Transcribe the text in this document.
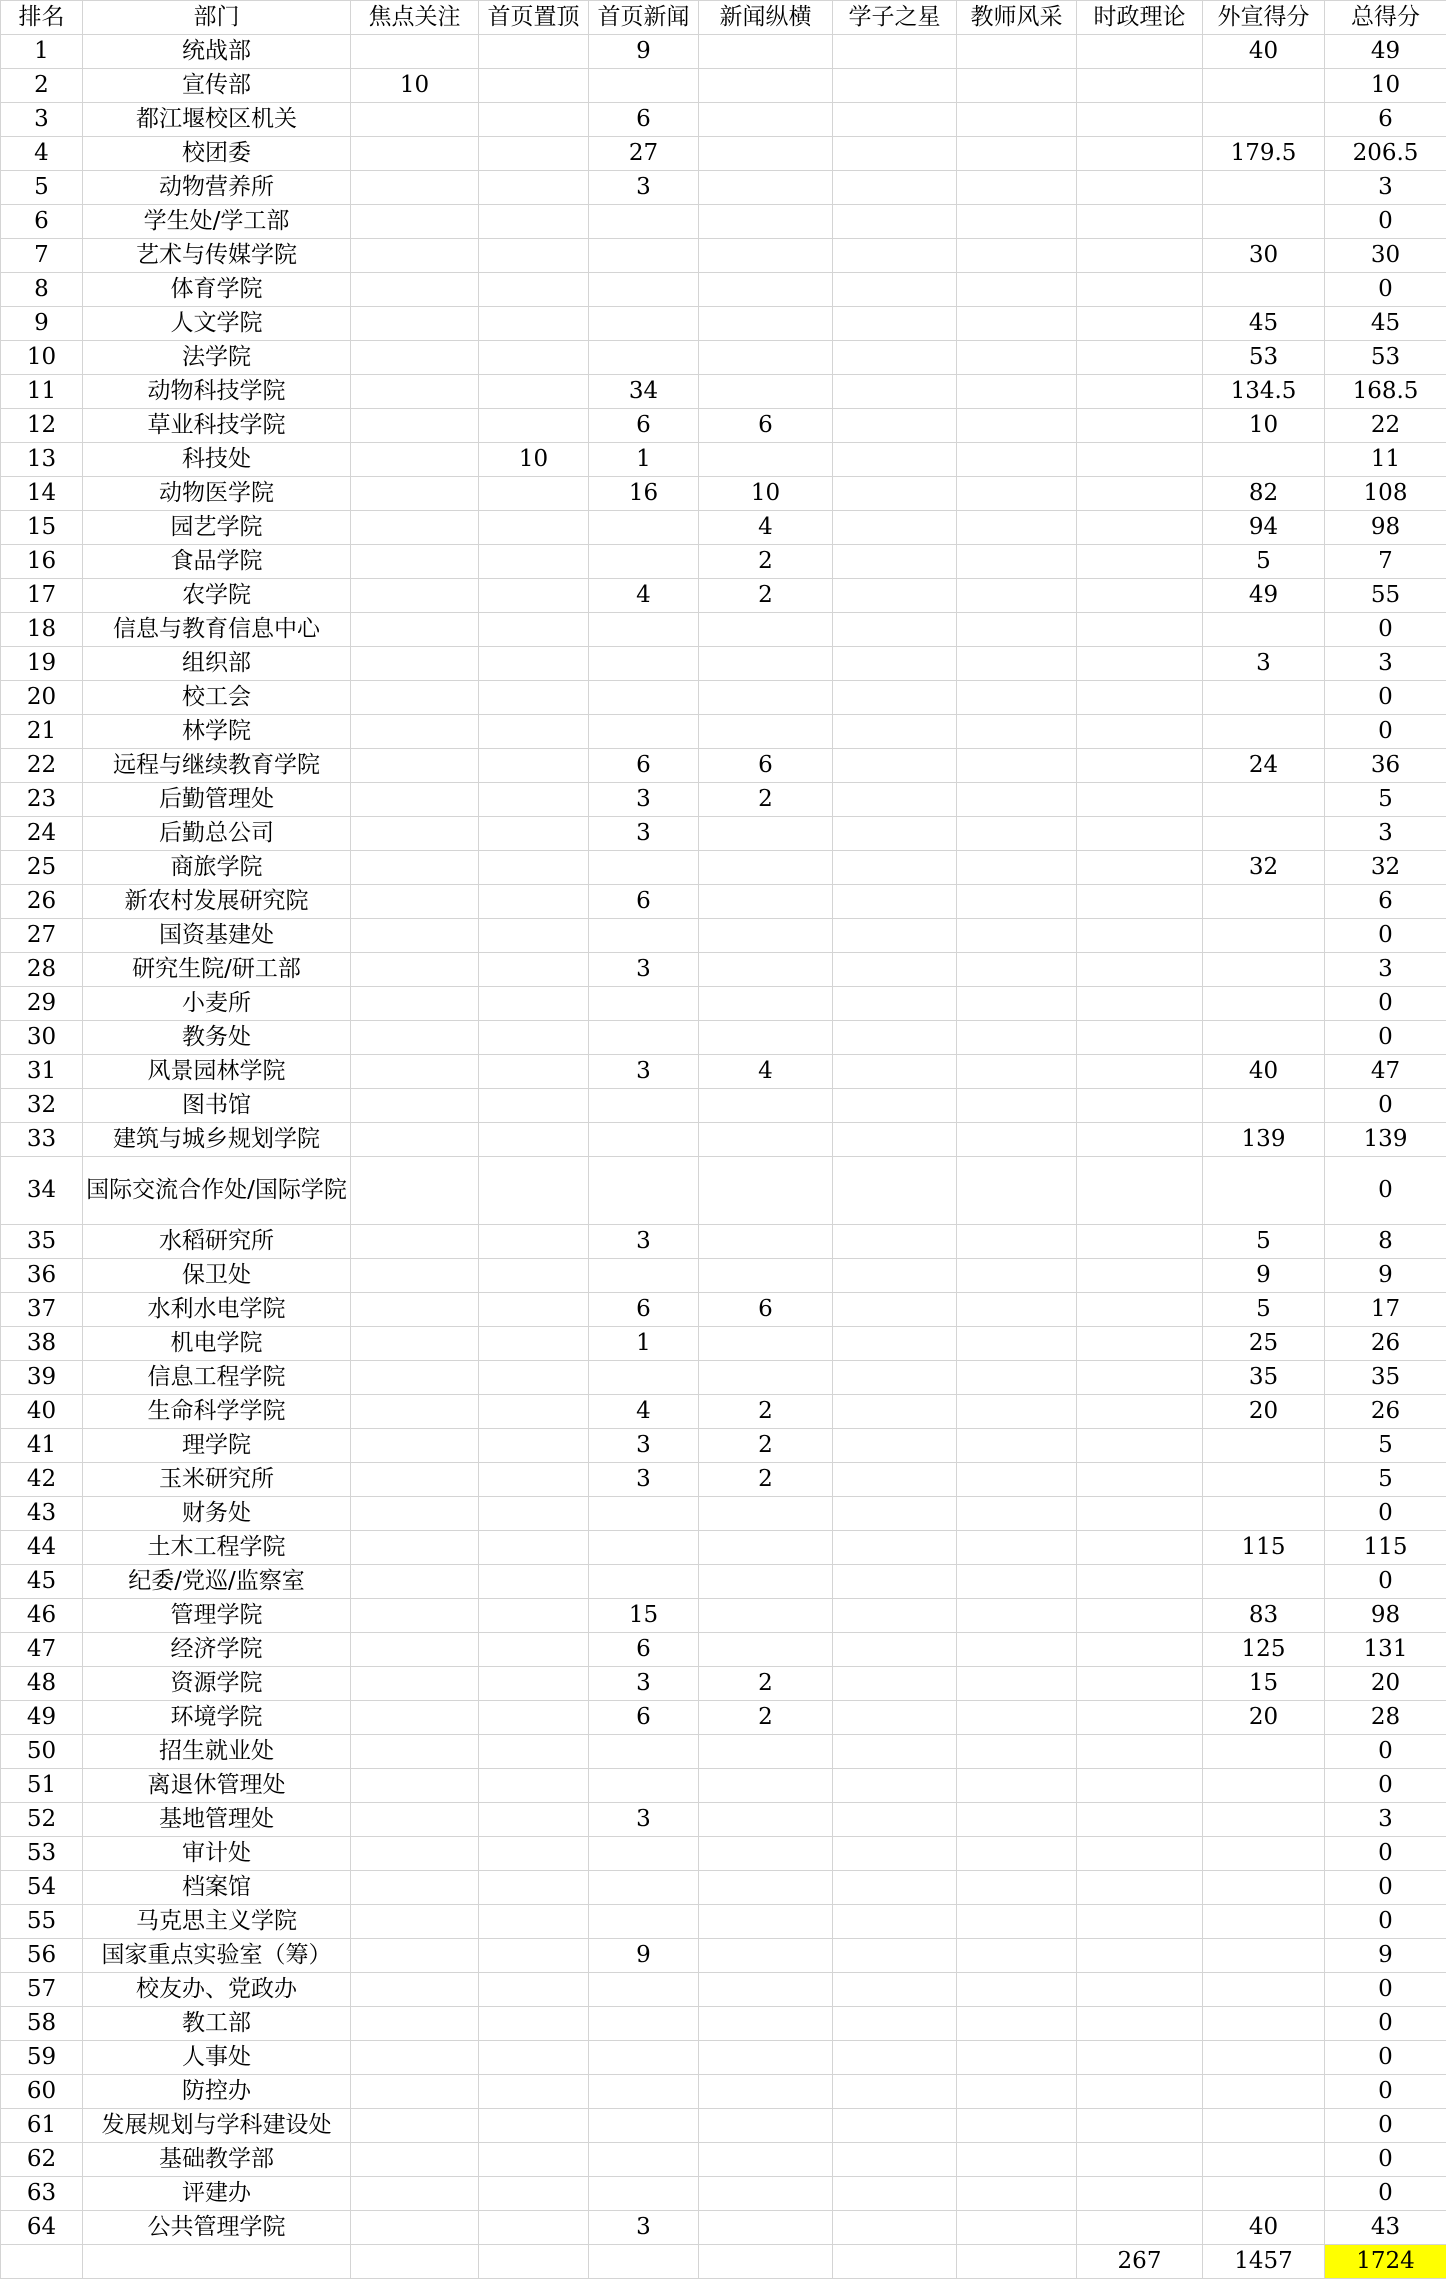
排名	部门	焦点关注	首页置顶	首页新闻	新闻纵横	学子之星	教师风采	时政理论	外宣得分	总得分
1	统战部			9					40	49
2	宣传部	10								10
3	都江堰校区机关			6						6
4	校团委			27					179.5	206.5
5	动物营养所			3						3
6	学生处/学工部									0
7	艺术与传媒学院								30	30
8	体育学院									0
9	人文学院								45	45
10	法学院								53	53
11	动物科技学院			34					134.5	168.5
12	草业科技学院			6	6				10	22
13	科技处		10	1						11
14	动物医学院			16	10				82	108
15	园艺学院				4				94	98
16	食品学院				2				5	7
17	农学院			4	2				49	55
18	信息与教育信息中心									0
19	组织部								3	3
20	校工会									0
21	林学院									0
22	远程与继续教育学院			6	6				24	36
23	后勤管理处			3	2					5
24	后勤总公司			3						3
25	商旅学院								32	32
26	新农村发展研究院			6						6
27	国资基建处									0
28	研究生院/研工部			3						3
29	小麦所									0
30	教务处									0
31	风景园林学院			3	4				40	47
32	图书馆									0
33	建筑与城乡规划学院								139	139
34	国际交流合作处/国际学院									0
35	水稻研究所			3					5	8
36	保卫处								9	9
37	水利水电学院			6	6				5	17
38	机电学院			1					25	26
39	信息工程学院								35	35
40	生命科学学院			4	2				20	26
41	理学院			3	2					5
42	玉米研究所			3	2					5
43	财务处									0
44	土木工程学院								115	115
45	纪委/党巡/监察室									0
46	管理学院			15					83	98
47	经济学院			6					125	131
48	资源学院			3	2				15	20
49	环境学院			6	2				20	28
50	招生就业处									0
51	离退休管理处									0
52	基地管理处			3						3
53	审计处									0
54	档案馆									0
55	马克思主义学院									0
56	国家重点实验室（筹）			9						9
57	校友办、党政办									0
58	教工部									0
59	人事处									0
60	防控办									0
61	发展规划与学科建设处									0
62	基础教学部									0
63	评建办									0
64	公共管理学院			3					40	43
								267	1457	1724
